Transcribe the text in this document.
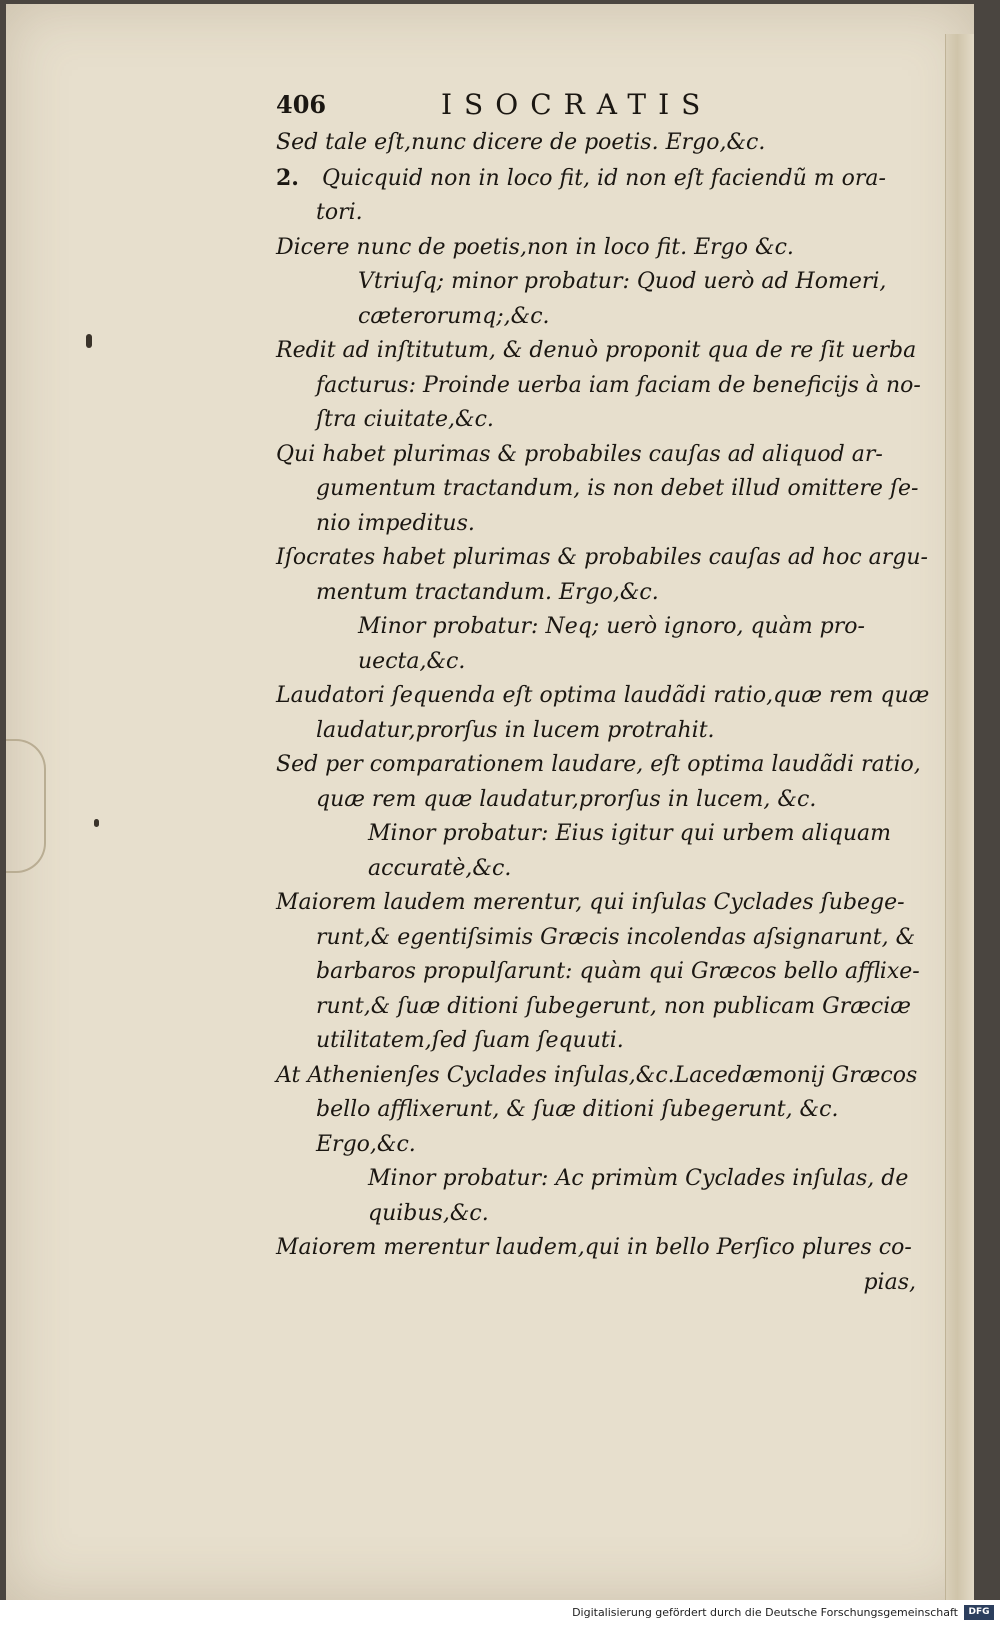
406	ISOCRATIS
Sed tale eſt,nunc dicere de poetis. Ergo,&c.
2. Quicquid non in loco fit, id non eſt faciendũ m ora-
tori.
Dicere nunc de poetis,non in loco fit. Ergo &c.
Vtriuſq; minor probatur: Quod uerò ad Homeri,
cæterorumq;,&c.
Redit ad inſtitutum, & denuò proponit qua de re ſit uerba
facturus: Proinde uerba iam faciam de beneficijs à no-
ſtra ciuitate,&c.
Qui habet plurimas & probabiles cauſas ad aliquod ar-
gumentum tractandum, is non debet illud omittere ſe-
nio impeditus.
Iſocrates habet plurimas & probabiles cauſas ad hoc argu-
mentum tractandum. Ergo,&c.
Minor probatur: Neq; uerò ignoro, quàm pro-
uecta,&c.
Laudatori ſequenda eſt optima laudãdi ratio,quæ rem quæ
laudatur,prorſus in lucem protrahit.
Sed per comparationem laudare, eſt optima laudãdi ratio,
quæ rem quæ laudatur,prorſus in lucem, &c.
Minor probatur: Eius igitur qui urbem aliquam
accuratè,&c.
Maiorem laudem merentur, qui inſulas Cyclades ſubege-
runt,& egentiſsimis Græcis incolendas aſsignarunt, &
barbaros propulſarunt: quàm qui Græcos bello afflixe-
runt,& ſuæ ditioni ſubegerunt, non publicam Græciæ
utilitatem,ſed ſuam ſequuti.
At Athenienſes Cyclades inſulas,&c.Lacedæmonij Græcos
bello afflixerunt, & ſuæ ditioni ſubegerunt, &c.
Ergo,&c.
Minor probatur: Ac primùm Cyclades inſulas, de
quibus,&c.
Maiorem merentur laudem,qui in bello Perſico plures co-
pias,
Digitalisierung gefördert durch die Deutsche Forschungsgemeinschaft	DFG
